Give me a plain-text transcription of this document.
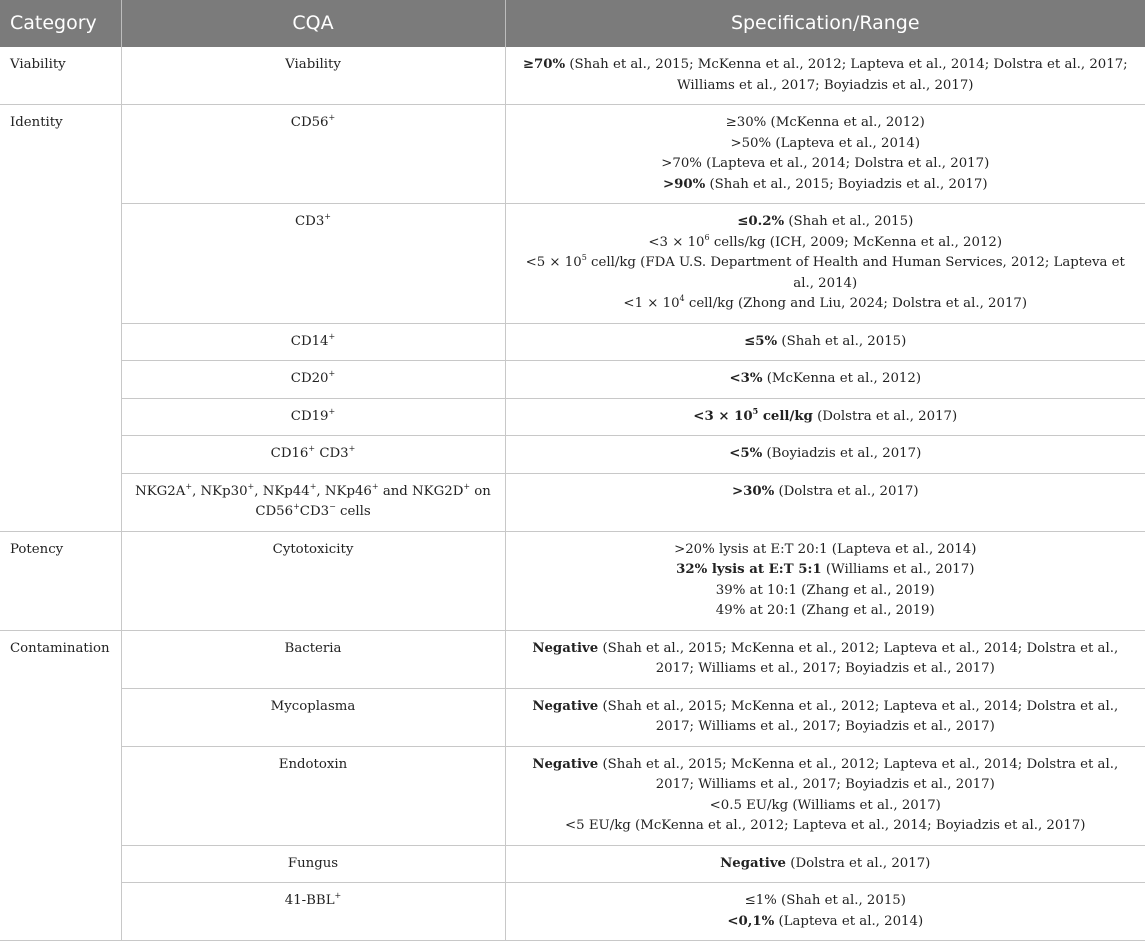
Category	CQA	Specification/Range
Viability	Viability	≥70% (Shah et al., 2015; McKenna et al., 2012; Lapteva et al., 2014; Dolstra et al., 2017; Williams et al., 2017; Boyiadzis et al., 2017)

Identity	CD56+	≥30% (McKenna et al., 2012)
>50% (Lapteva et al., 2014)
>70% (Lapteva et al., 2014; Dolstra et al., 2017)
>90% (Shah et al., 2015; Boyiadzis et al., 2017)

	CD3+	≤0.2% (Shah et al., 2015)
$<3 \times 10^6$ cells/kg (ICH, 2009; McKenna et al., 2012)
$<5 \times 10^5$ cell/kg (FDA U.S. Department of Health and Human Services, 2012; Lapteva et al., 2014)
$<1 \times 10^4$ cell/kg (Zhong and Liu, 2024; Dolstra et al., 2017)

	CD14+	≤5% (Shah et al., 2015)

	CD20+	<3% (McKenna et al., 2012)

	CD19+	$<3 \times 10^5$ cell/kg (Dolstra et al., 2017)

	CD16+ CD3+	<5% (Boyiadzis et al., 2017)

	NKG2A+, NKp30+, NKp44+, NKp46+ and NKG2D+ on CD56+CD3− cells	>30% (Dolstra et al., 2017)

Potency	Cytotoxicity	>20% lysis at E:T 20:1 (Lapteva et al., 2014)
32% lysis at E:T 5:1 (Williams et al., 2017)
39% at 10:1 (Zhang et al., 2019)
49% at 20:1 (Zhang et al., 2019)

Contamination	Bacteria	Negative (Shah et al., 2015; McKenna et al., 2012; Lapteva et al., 2014; Dolstra et al., 2017; Williams et al., 2017; Boyiadzis et al., 2017)

	Mycoplasma	Negative (Shah et al., 2015; McKenna et al., 2012; Lapteva et al., 2014; Dolstra et al., 2017; Williams et al., 2017; Boyiadzis et al., 2017)

	Endotoxin	Negative (Shah et al., 2015; McKenna et al., 2012; Lapteva et al., 2014; Dolstra et al., 2017; Williams et al., 2017; Boyiadzis et al., 2017)
<0.5 EU/kg (Williams et al., 2017)
<5 EU/kg (McKenna et al., 2012; Lapteva et al., 2014; Boyiadzis et al., 2017)

	Fungus	Negative (Dolstra et al., 2017)

	41-BBL+	≤1% (Shah et al., 2015)
<0,1% (Lapteva et al., 2014)
